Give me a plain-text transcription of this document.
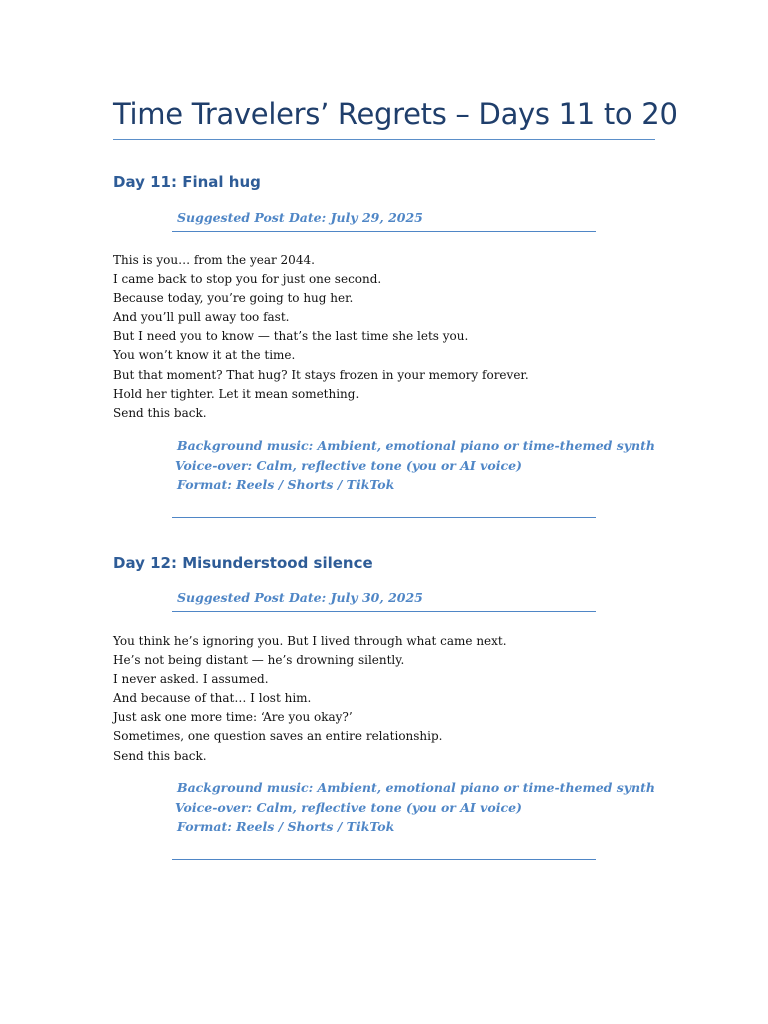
Time Travelers’ Regrets – Days 11 to 20
Day 11: Final hug
Suggested Post Date: July 29, 2025
This is you… from the year 2044.
I came back to stop you for just one second.
Because today, you’re going to hug her.
And you’ll pull away too fast.
But I need you to know — that’s the last time she lets you.
You won’t know it at the time.
But that moment? That hug? It stays frozen in your memory forever.
Hold her tighter. Let it mean something.
Send this back.
Background music: Ambient, emotional piano or time-themed synth
Voice-over: Calm, reflective tone (you or AI voice)
Format: Reels / Shorts / TikTok
Day 12: Misunderstood silence
Suggested Post Date: July 30, 2025
You think he’s ignoring you. But I lived through what came next.
He’s not being distant — he’s drowning silently.
I never asked. I assumed.
And because of that… I lost him.
Just ask one more time: ‘Are you okay?’
Sometimes, one question saves an entire relationship.
Send this back.
Background music: Ambient, emotional piano or time-themed synth
Voice-over: Calm, reflective tone (you or AI voice)
Format: Reels / Shorts / TikTok
